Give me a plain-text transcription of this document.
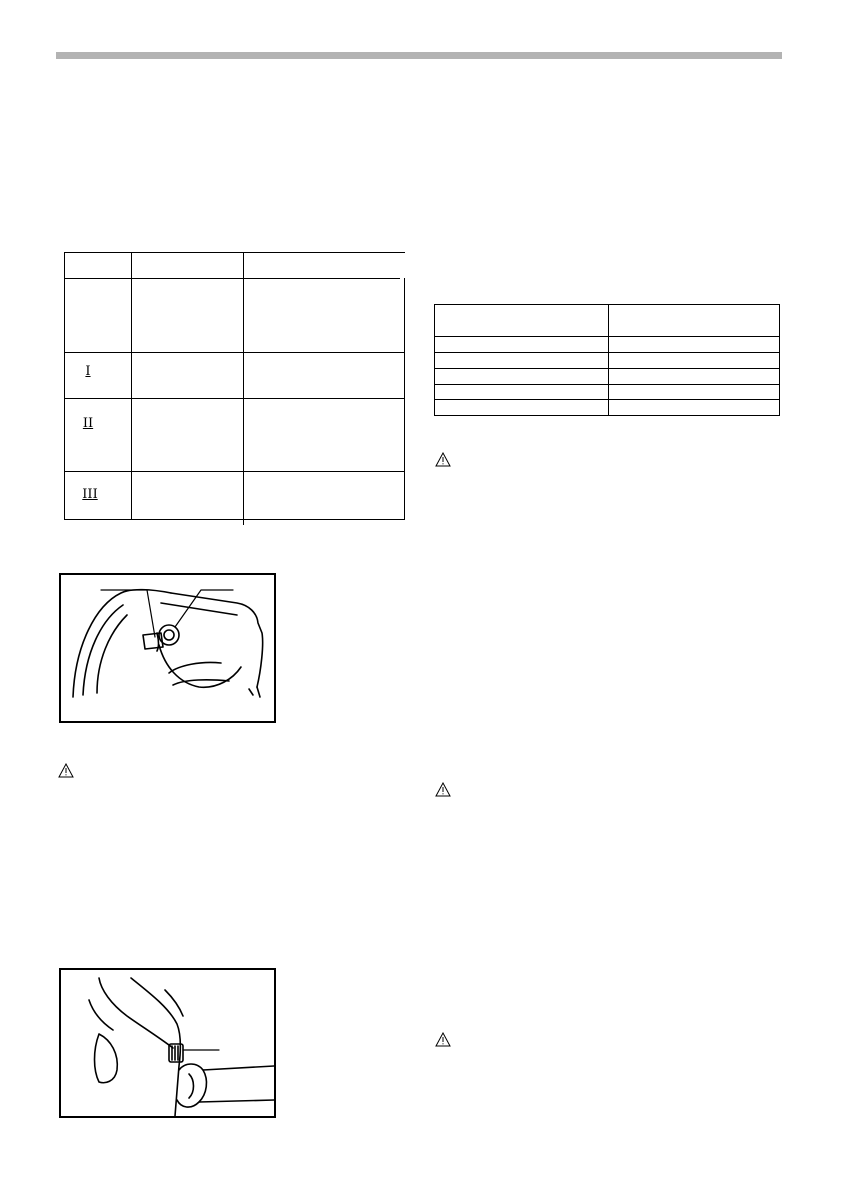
I
II
III
